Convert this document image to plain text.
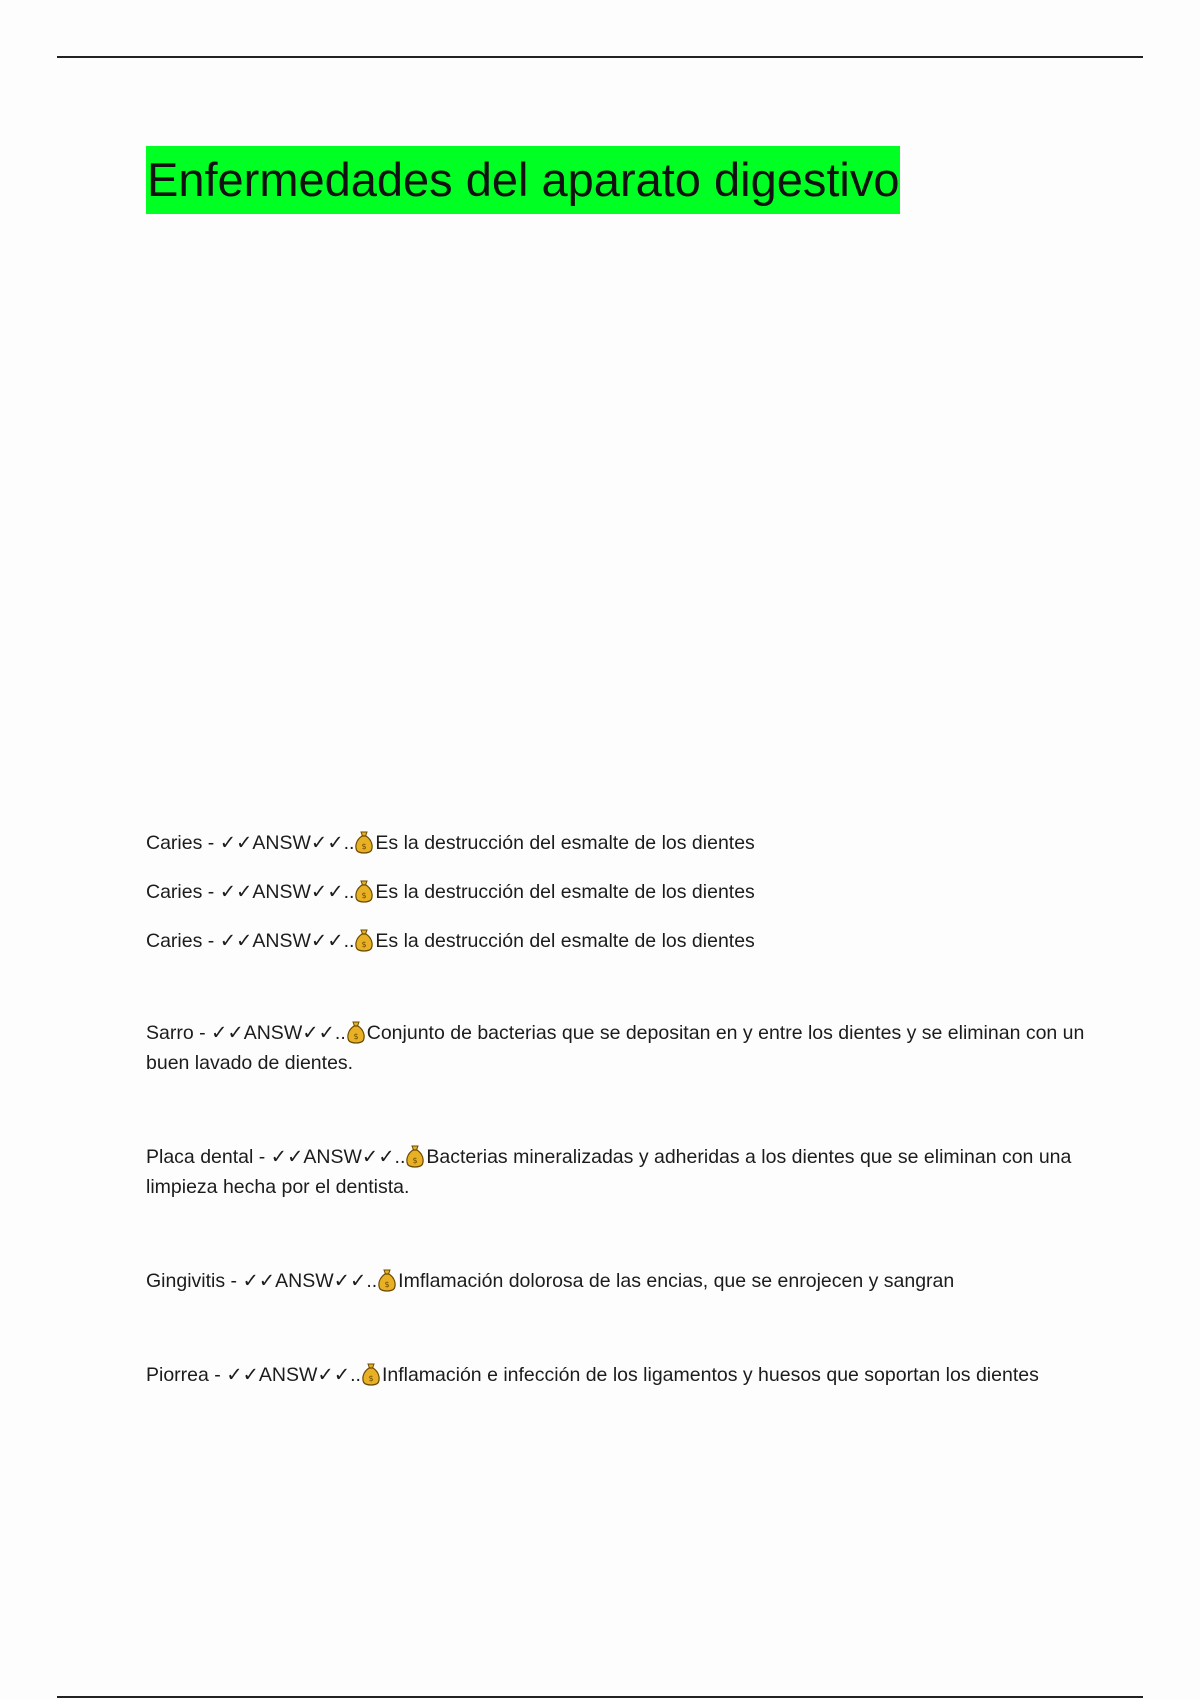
Enfermedades del aparato digestivo

Caries - ✓✓ANSW✓✓.. $ Es la destrucción del esmalte de los dientes

Caries - ✓✓ANSW✓✓.. $ Es la destrucción del esmalte de los dientes

Caries - ✓✓ANSW✓✓.. $ Es la destrucción del esmalte de los dientes

Sarro - ✓✓ANSW✓✓.. $ Conjunto de bacterias que se depositan en y entre los dientes y se eliminan con un buen lavado de dientes.

Placa dental - ✓✓ANSW✓✓.. $ Bacterias mineralizadas y adheridas a los dientes que se eliminan con una limpieza hecha por el dentista.

Gingivitis - ✓✓ANSW✓✓.. $ Imflamación dolorosa de las encias, que se enrojecen y sangran

Piorrea - ✓✓ANSW✓✓.. $ Inflamación e infección de los ligamentos y huesos que soportan los dientes
